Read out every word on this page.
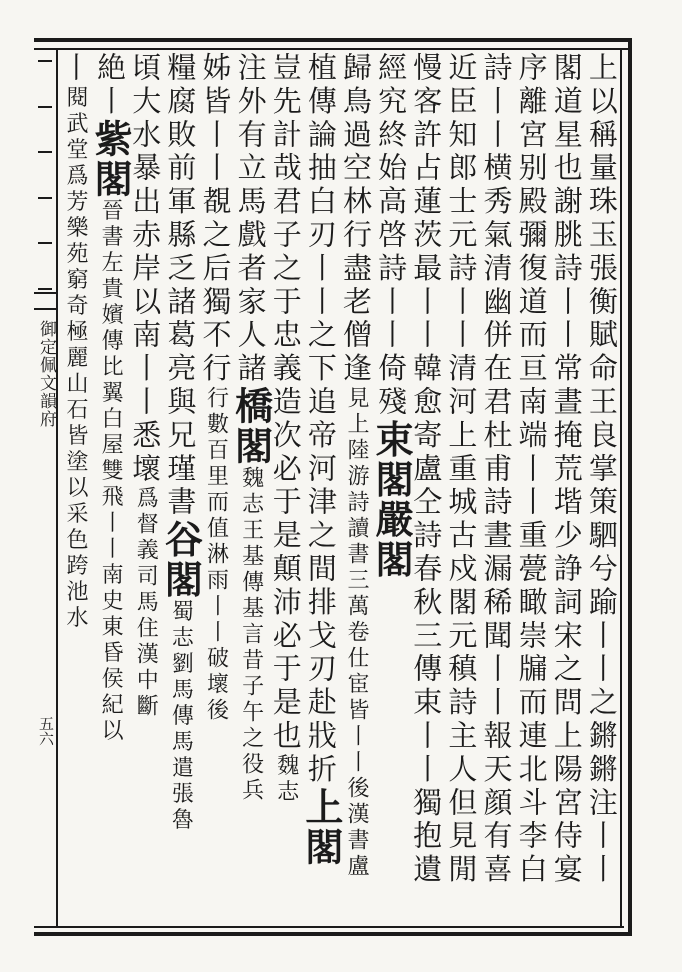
御定佩文韻府
五六	上以稱量珠玉張衡賦命王良掌策駟兮踰丨丨之鏘鏘注丨丨
閣道星也謝朓詩丨丨常晝掩荒堦少諍詞宋之問上陽宮侍宴
序離宮别殿彌復道而亘南端丨丨重甍瞰崇牖而連北斗李白
詩丨丨横秀氣清幽併在君杜甫詩晝漏稀聞丨丨報天顔有喜
近臣知郎士元詩丨丨清河上重城古戍閣元稹詩主人但見閒
慢客許占蓮茨最丨丨韓愈寄盧仝詩春秋三傳束丨丨獨抱遺
經究終始高啓詩丨丨倚殘束閣嚴閣
歸鳥過空林行盡老僧逢見上陸游詩讀書三萬卷仕宦皆丨丨後漢書盧
植傳論抽白刃丨丨之下追帝河津之間排戈刃赴戕折上閣
豈先計哉君子之于忠義造次必于是顛沛必于是也魏志
注外有立馬戲者家人諸橋閣魏志王基傳基言昔子午之役兵
姊皆丨丨覩之后獨不行行數百里而值淋雨丨丨破壞後
糧腐敗前軍縣乏諸葛亮與兄瑾書谷閣蜀志劉馬傳馬遣張魯
頃大水暴出赤岸以南丨丨悉壞爲督義司馬住漢中斷
絶丨紫閣晉書左貴嬪傳比翼白屋雙飛丨丨南史東昏侯紀以
丨閱武堂爲芳樂苑窮奇極麗山石皆塗以采色跨池水
